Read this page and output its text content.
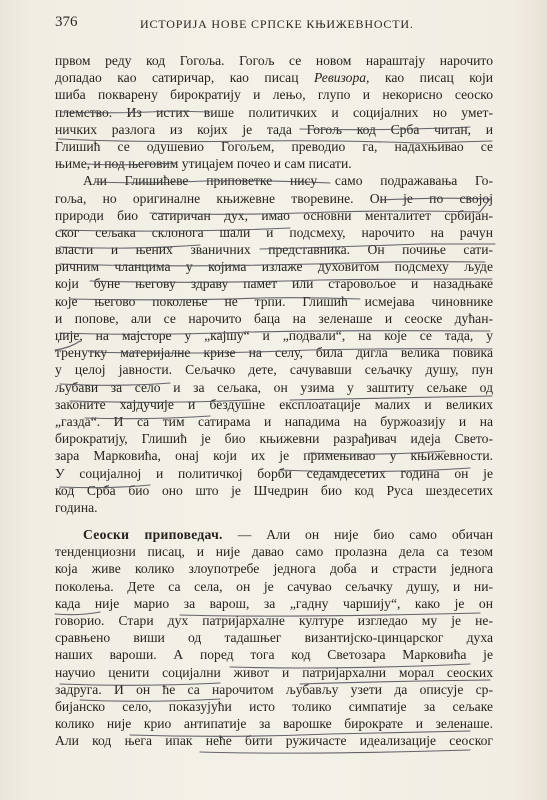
376	ИСТОРИЈА НОВЕ СРПСКЕ КЊИЖЕВНОСТИ.
првом реду код Гогоља. Гогољ се новом нараштају нарочито
допадао као сатиричар, као писац Ревизора, као писац који
шиба покварену бирократију и лењо, глупо и некорисно сеоско
племство. Из истих више политичких и социјалних но умет-
ничких разлога из којих је тада Гогољ код Срба читан, и
Глишић се одушевио Гогољем, преводио га, надахњивао се
њиме, и под његовим утицајем почео и сам писати.
Али Глишићеве приповетке нису само подражавања Го-
гоља, но оригиналне књижевне творевине. Он је по својој
природи био сатиричан дух, имао основни менталитет србијан-
ског сељака склонога шали и подсмеху, нарочито на рачун
власти и њених званичних представника. Он почиње сати-
ричним чланцима у којима излаже духовитом подсмеху људе
који буне његову здраву памет или старовољое и назадњаке
које његово поколење не трпи. Глишић исмејава чиновнике
и попове, али се нарочито баца на зеленаше и сеоске дућан-
џије, на мајсторе у „кајшу“ и „подвали“, на које се тада, у
тренутку материјалне кризе на селу, била дигла велика повика
у целој јавности. Сељачко дете, сачувавши сељачку душу, пун
љубави за село и за сељака, он узима у заштиту сељаке од
законите хајдучије и бездушне експлоатације малих и великих
„газда“. И са тим сатирама и нападима на буржоазију и на
бирократију, Глишић је био књижевни разрађивач идеја Свето-
зара Марковића, онај који их је примењивао у књижевности.
У социјалној и политичкој борби седамдесетих година он је
код Срба био оно што је Шчедрин био код Руса шездесетих
година.
Сеоски приповедач. — Али он није био само обичан
тенденциозни писац, и није давао само пролазна дела са тезом
која живе колико злоупотребе једнога доба и страсти једнога
поколења. Дете са села, он је сачувао сељачку душу, и ни-
када није марио за варош, за „гадну чаршију“, како је он
говорио. Стари дух патријархалне културе изгледао му је не-
сравњено виши од тадашњег византијско-цинцарског духа
наших вароши. А поред тога код Светозара Марковића је
научио ценити социјални живот и патријархални морал сеоских
задруга. И он ће са нарочитом љубављу узети да описује ср-
бијанско село, показујући исто толико симпатије за сељаке
колико није крио антипатије за варошке бирократе и зеленаше.
Али код њега ипак неће бити ружичасте идеализације сеоског
